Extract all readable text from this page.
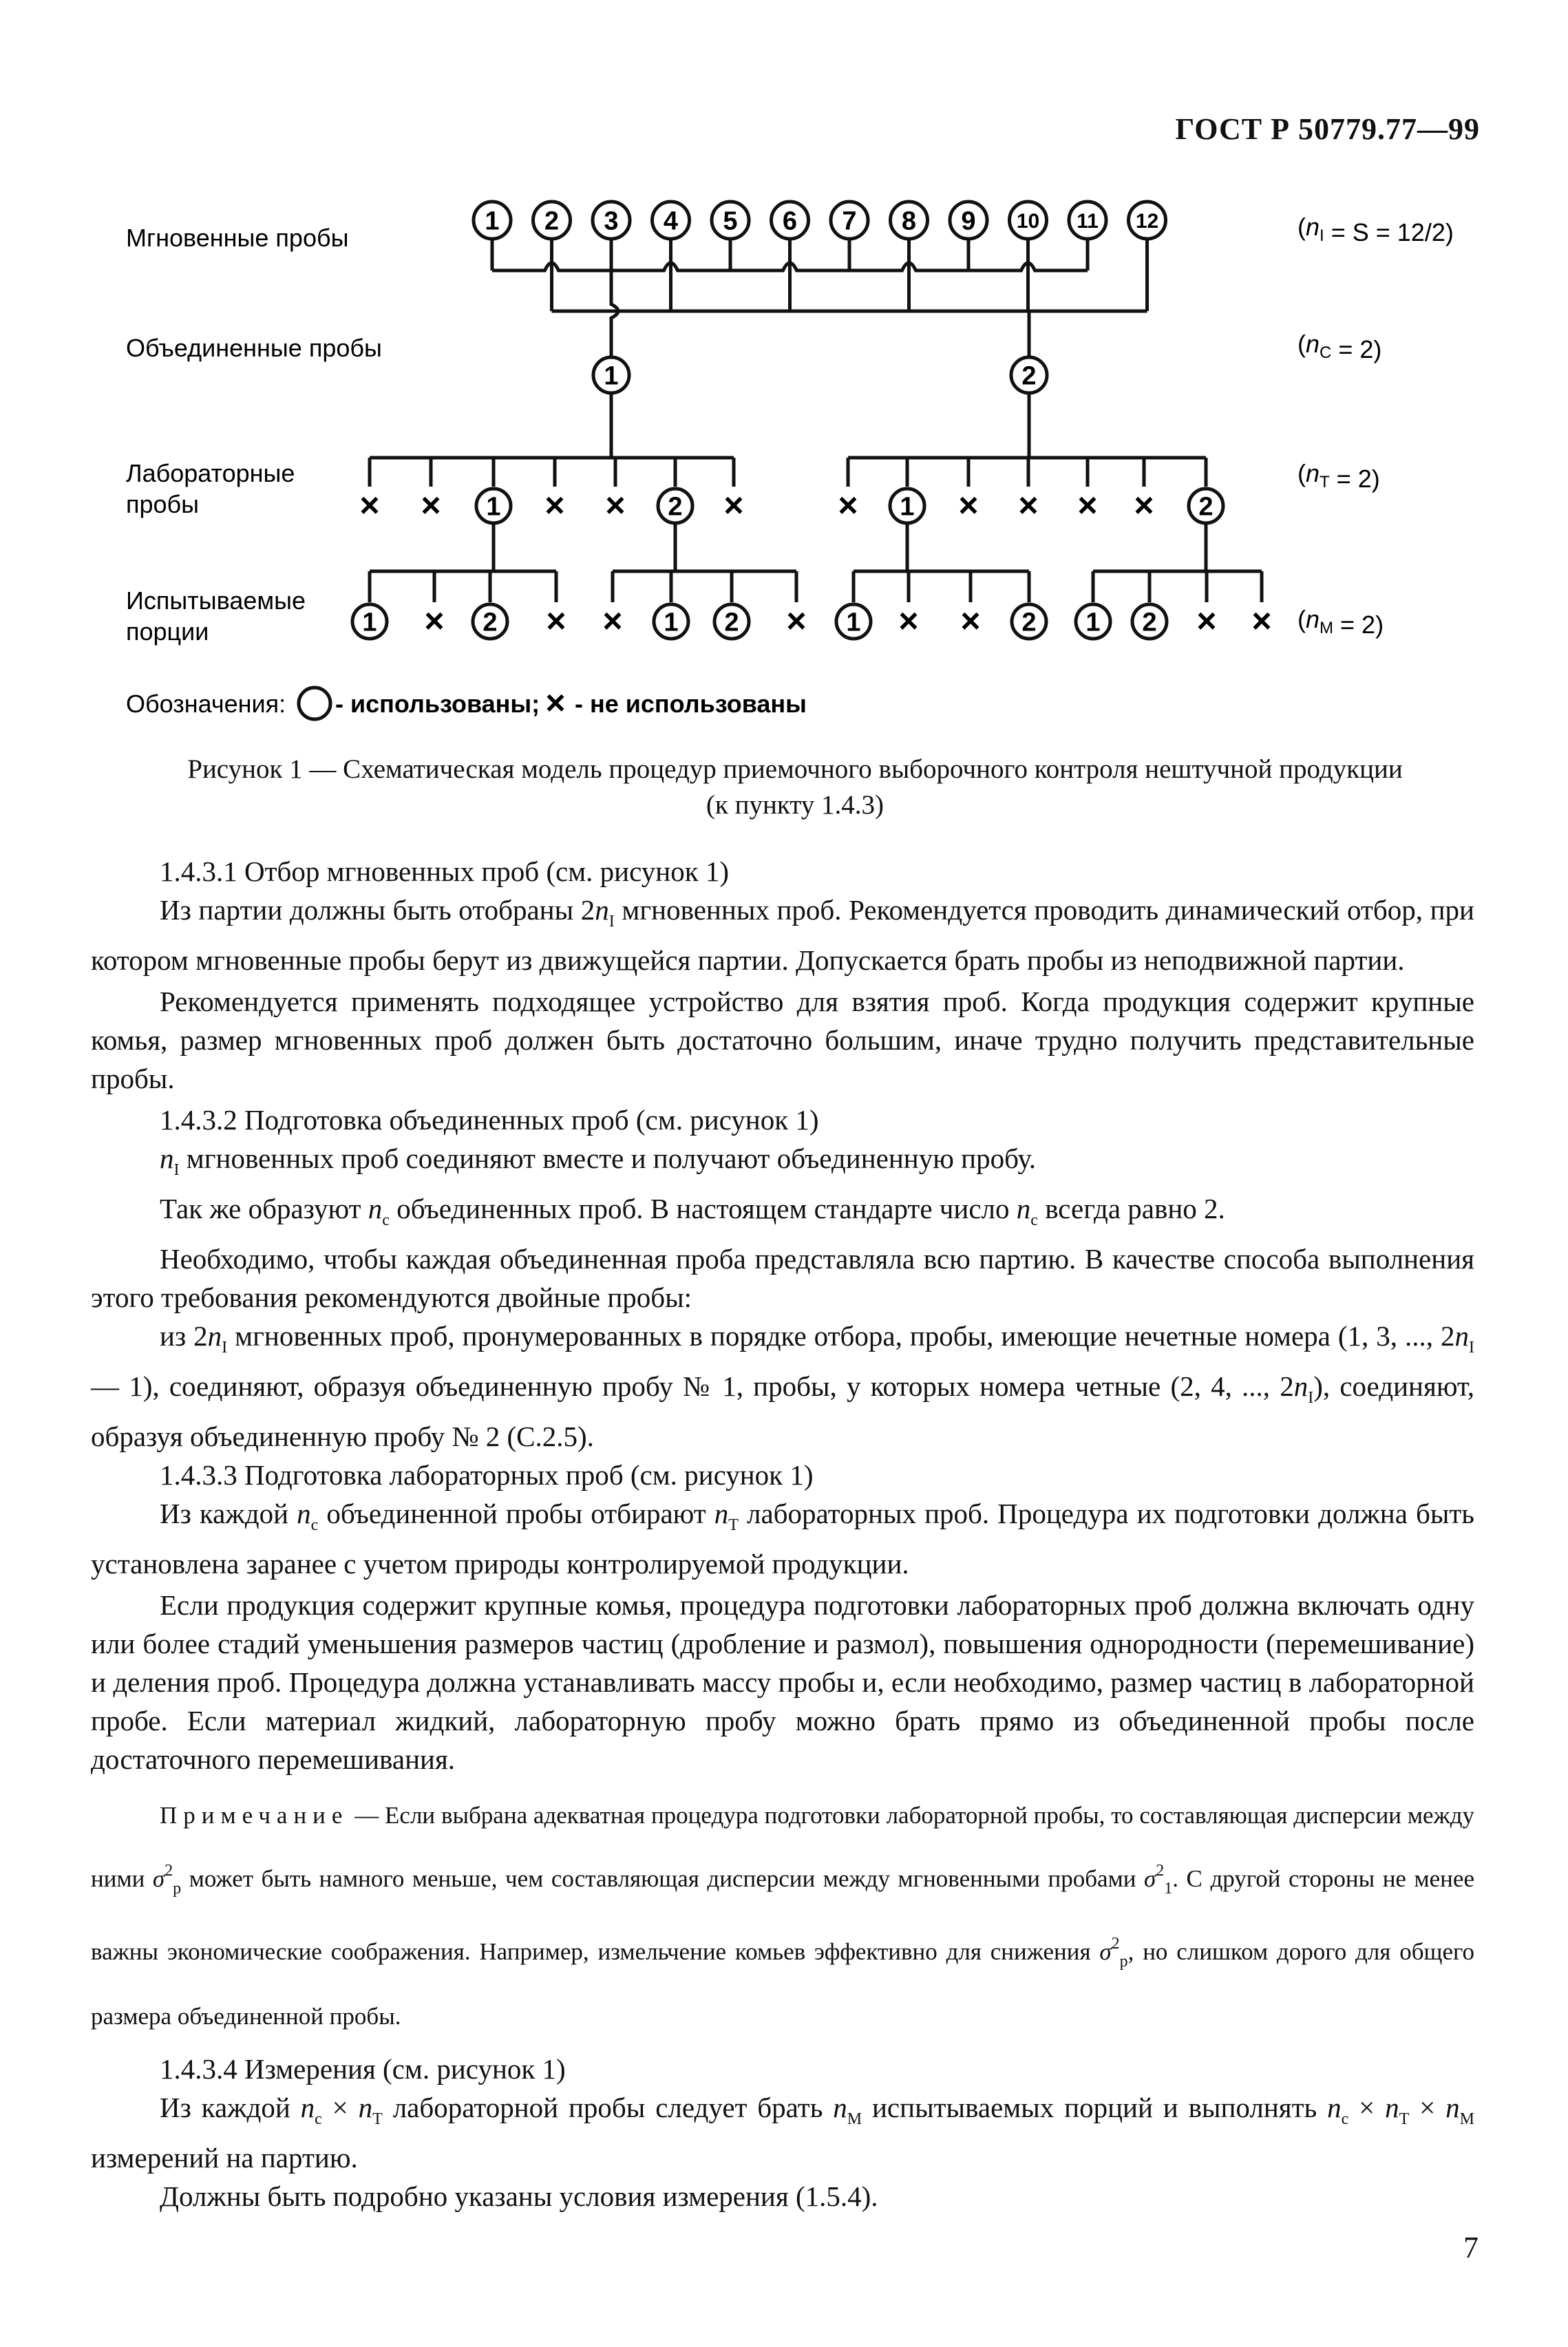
ГОСТ Р 50779.77—99
Мгновенные пробы
Объединенные пробы
Лабораторные
пробы
Испытываемые
порции
$(n_I = S = 12/2)$
$(n_C = 2)$
$(n_T = 2)$
$(n_M = 2)$
Обозначения: - использованы; - не использованы
1	2
1 2 3 4 5 6 7 8 9 10 11 12
× × 1 × × 2 ×	× 1 × × × × 2
1 × 2 × × 1 2 × 1 × × 2 1 2 × ×
×
Рисунок 1 — Схематическая модель процедур приемочного выборочного контроля нештучной продукции
(к пункту 1.4.3)

1.4.3.1 Отбор мгновенных проб (см. рисунок 1)

Из партии должны быть отобраны $2n_I$ мгновенных проб. Рекомендуется проводить динамический отбор, при котором мгновенные пробы берут из движущейся партии. Допускается брать пробы из неподвижной партии.

Рекомендуется применять подходящее устройство для взятия проб. Когда продукция содержит крупные комья, размер мгновенных проб должен быть достаточно большим, иначе трудно получить представительные пробы.

1.4.3.2 Подготовка объединенных проб (см. рисунок 1)

$n_I$ мгновенных проб соединяют вместе и получают объединенную пробу.

Так же образуют $n_c$ объединенных проб. В настоящем стандарте число $n_c$ всегда равно 2.

Необходимо, чтобы каждая объединенная проба представляла всю партию. В качестве способа выполнения этого требования рекомендуются двойные пробы:

из $2n_I$ мгновенных проб, пронумерованных в порядке отбора, пробы, имеющие нечетные номера (1, 3, ..., $2n_I$ — 1), соединяют, образуя объединенную пробу № 1, пробы, у которых номера четные (2, 4, ..., $2n_I$), соединяют, образуя объединенную пробу № 2 (С.2.5).

1.4.3.3 Подготовка лабораторных проб (см. рисунок 1)

Из каждой $n_c$ объединенной пробы отбирают $n_T$ лабораторных проб. Процедура их подготовки должна быть установлена заранее с учетом природы контролируемой продукции.

Если продукция содержит крупные комья, процедура подготовки лабораторных проб должна включать одну или более стадий уменьшения размеров частиц (дробление и размол), повышения однородности (перемешивание) и деления проб. Процедура должна устанавливать массу пробы и, если необходимо, размер частиц в лабораторной пробе. Если материал жидкий, лабораторную пробу можно брать прямо из объединенной пробы после достаточного перемешивания.

Примечание — Если выбрана адекватная процедура подготовки лабораторной пробы, то составляющая дисперсии между ними $\sigma^2_p$ может быть намного меньше, чем составляющая дисперсии между мгновенными пробами $\sigma^2_1$. С другой стороны не менее важны экономические соображения. Например, измельчение комьев эффективно для снижения $\sigma^2_p$, но слишком дорого для общего размера объединенной пробы.

1.4.3.4 Измерения (см. рисунок 1)

Из каждой $n_c \times n_T$ лабораторной пробы следует брать $n_M$ испытываемых порций и выполнять $n_c \times n_T \times n_M$ измерений на партию.

Должны быть подробно указаны условия измерения (1.5.4).

7
